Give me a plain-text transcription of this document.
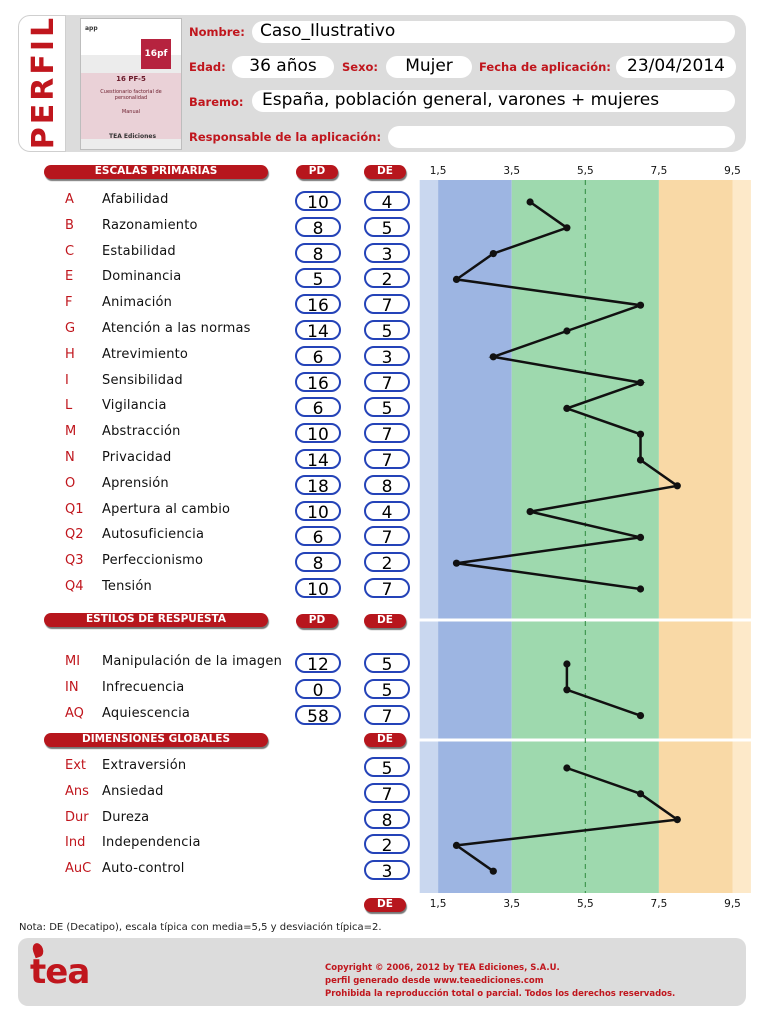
PERFIL	app
16pf
16 PF-5
Cuestionario factorial de personalidad
Manual
TEA Ediciones
Nombre: Caso_Ilustrativo
Edad:	36 años	Sexo:	Mujer	Fecha de aplicación: 23/04/2014
Baremo:	España, población general, varones + mujeres
Responsable de la aplicación:
ESCALAS PRIMARIAS	PD	DE
ESTILOS DE RESPUESTA	PD	DE
DIMENSIONES GLOBALES	DE
DE
A	Afabilidad	10	4
B	Razonamiento	8	5
C	Estabilidad	8	3
E	Dominancia	5	2
F	Animación	16	7
G	Atención a las normas	14	5
H	Atrevimiento	6	3
I	Sensibilidad	16	7
L	Vigilancia	6	5
M	Abstracción	10	7
N	Privacidad	14	7
O	Aprensión	18	8
Q1	Apertura al cambio	10	4
Q2	Autosuficiencia	6	7
Q3	Perfeccionismo	8	2
Q4	Tensión	10	7
MI	Manipulación de la imagen	12	5
IN	Infrecuencia	0	5
AQ	Aquiescencia	58	7
Ext	Extraversión	5
Ans	Ansiedad	7
Dur	Dureza	8
Ind	Independencia	2
AuC Auto-control	3
1,5
1,5
3,5
3,5
5,5
5,5
7,5
7,5
9,5
9,5
Nota: DE (Decatipo), escala típica con media=5,5 y desviación típica=2.
tea	Copyright © 2006, 2012 by TEA Ediciones, S.A.U.
perfil generado desde www.teaediciones.com
Prohibida la reproducción total o parcial. Todos los derechos reservados.
